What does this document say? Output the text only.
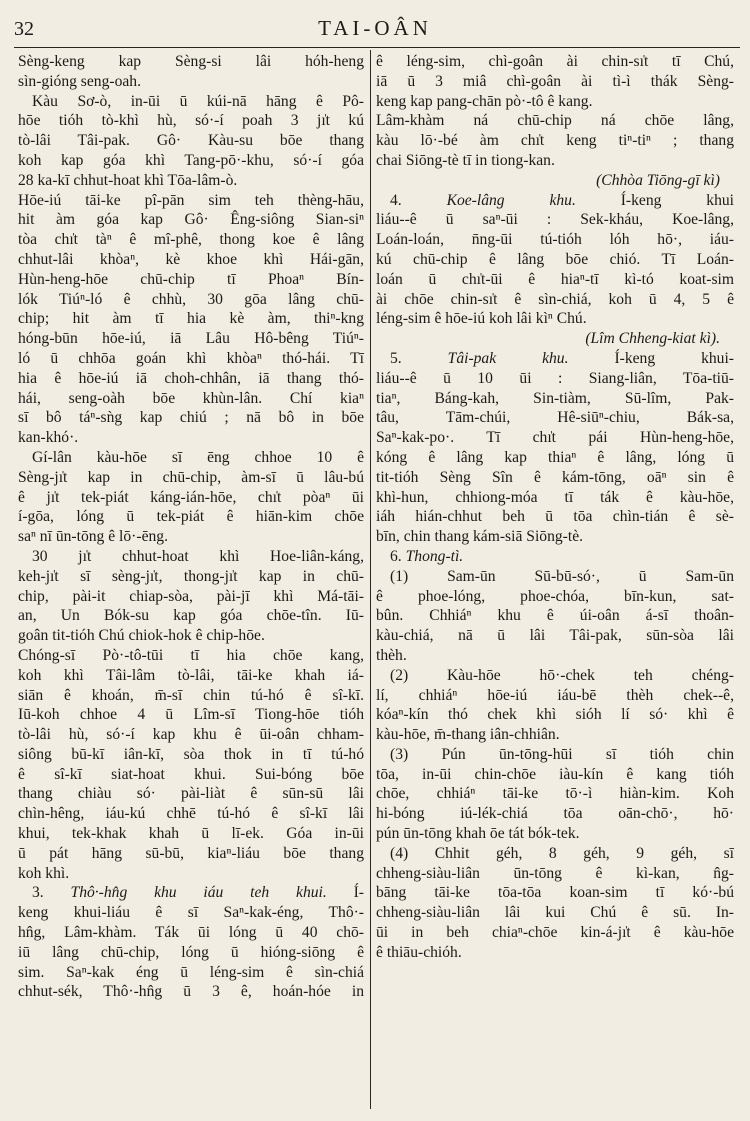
32	TAI-OÂN
Sèng-keng kap Sèng-si lâi hóh-heng
sìn-gióng seng-oah.
Kàu Sơ-ò, in-ūi ū kúi-nā hāng ê Pô-
hōe tióh tò-khì hù, só·-í poah 3 jı̍t kú
tò-lâi Tâi-pak. Gô· Kàu-su bōe thang
koh kap góa khì Tang-pō·-khu, só·-í góa
28 ka-kī chhut-hoat khì Tōa-lâm-ò.
Hōe-iú tāi-ke pî-pān sim teh thèng-hāu,
hit àm góa kap Gô· Êng-siông Sian-siⁿ
tòa chı̍t tàⁿ ê mî-phê, thong koe ê lâng
chhut-lâi khòaⁿ, kè khoe khì Hái-gān,
Hùn-heng-hōe chū-chip tī Phoaⁿ Bín-
lók Tiúⁿ-ló ê chhù, 30 gōa lâng chū-
chip; hit àm tī hia kè àm, thiⁿ-kng
hóng-būn hōe-iú, iā Lâu Hô-bêng Tiúⁿ-
ló ū chhōa goán khì khòaⁿ thó-hái. Tī
hia ê hōe-iú iā choh-chhân, iā thang thó-
hái, seng-oàh bōe khùn-lân. Chí kiaⁿ
sī bô táⁿ-sǹg kap chiú ; nā bô in bōe
kan-khó·.
Gí-lân kàu-hōe sī ēng chhoe 10 ê
Sèng-jı̍t kap in chū-chip, àm-sī ū lâu-bú
ê jı̍t tek-piát káng-ián-hōe, chı̍t pòaⁿ ūi
í-gōa, lóng ū tek-piát ê hiān-kim chōe
saⁿ nī ūn-tōng ê lō·-ēng.
30 jı̍t chhut-hoat khì Hoe-liân-káng,
keh-jı̍t sī sèng-jı̍t, thong-jı̍t kap in chū-
chip, pài-it chiap-sòa, pài-jī khì Má-tāi-
an, Un Bók-su kap góa chōe-tîn. Iū-
goân tit-tióh Chú chiok-hok ê chip-hōe.
Chóng-sī Pò·-tô-tūi tī hia chōe kang,
koh khì Tâi-lâm tò-lâi, tāi-ke khah iá-
siān ê khoán, m̄-sī chin tú-hó ê sî-kī.
Iū-koh chhoe 4 ū Lîm-sī Tiong-hōe tióh
tò-lâi hù, só·-í kap khu ê ūi-oân chham-
siông bū-kī iân-kī, sòa thok in tī tú-hó
ê sî-kī siat-hoat khui. Sui-bóng bōe
thang chiàu só· pài-liàt ê sūn-sū lâi
chìn-hêng, iáu-kú chhē tú-hó ê sî-kī lâi
khui, tek-khak khah ū lī-ek. Góa in-ūi
ū pát hāng sū-bū, kiaⁿ-liáu bōe thang
koh khì.
3. Thô·-hn̂g khu iáu teh khui. Í-
keng khui-liáu ê sī Saⁿ-kak-éng, Thô·-
hn̂g, Lâm-khàm. Ták ūi lóng ū 40 chō-
iū lâng chū-chip, lóng ū hióng-siōng ê
sim. Saⁿ-kak éng ū léng-sim ê sìn-chiá
chhut-sék, Thô·-hn̂g ū 3 ê, hoán-hóe in
ê léng-sim, chì-goân ài chin-sı̍t tī Chú,
iā ū 3 miâ chì-goân ài tì-ì thák Sèng-
keng kap pang-chān pò·-tô ê kang.
Lâm-khàm ná chū-chip ná chōe lâng,
kàu lō·-bé àm chı̍t keng tiⁿ-tiⁿ ; thang
chai Siōng-tè tī in tiong-kan.
(Chhòa Tiōng-gī kì)
4. Koe-lâng khu. Í-keng khui
liáu--ê ū saⁿ-ūi : Sek-kháu, Koe-lâng,
Loán-loán, n̄ng-ūi tú-tióh lóh hō·, iáu-
kú chū-chip ê lâng bōe chió. Tī Loán-
loán ū chı̍t-ūi ê hiaⁿ-tī kì-tó koat-sim
ài chōe chin-sı̍t ê sìn-chiá, koh ū 4, 5 ê
léng-sim ê hōe-iú koh lâi kìⁿ Chú.
(Lîm Chheng-kiat kì).
5. Tâi-pak khu. Í-keng khui-
liáu--ê ū 10 ūi : Siang-liân, Tōa-tiū-
tiaⁿ, Báng-kah, Sin-tiàm, Sū-lîm, Pak-
tâu, Tām-chúi, Hê-siūⁿ-chiu, Bák-sa,
Saⁿ-kak-po·. Tī chı̍t pái Hùn-heng-hōe,
kóng ê lâng kap thiaⁿ ê lâng, lóng ū
tit-tióh Sèng Sîn ê kám-tōng, oāⁿ sin ê
khì-hun, chhiong-móa tī ták ê kàu-hōe,
iáh hián-chhut beh ū tōa chìn-tián ê sè-
bīn, chin thang kám-siā Siōng-tè.
6. Thong-tì.
(1) Sam-ūn Sū-bū-só·, ū Sam-ūn
ê phoe-lóng, phoe-chóa, bīn-kun, sat-
bûn. Chhiáⁿ khu ê úi-oân á-sī thoân-
kàu-chiá, nā ū lâi Tâi-pak, sūn-sòa lâi
thèh.
(2) Kàu-hōe hō·-chek teh chéng-
lí, chhiáⁿ hōe-iú iáu-bē thèh chek--ê,
kóaⁿ-kín thó chek khì sióh lí só· khì ê
kàu-hōe, m̄-thang iân-chhiân.
(3) Pún ūn-tōng-hūi sī tióh chin
tōa, in-ūi chin-chōe iàu-kín ê kang tióh
chōe, chhiáⁿ tāi-ke tō·-ì hiàn-kim. Koh
hi-bóng iú-lék-chiá tōa oān-chō·, hō·
pún ūn-tōng khah ōe tát bók-tek.
(4) Chhit géh, 8 géh, 9 géh, sī
chheng-siàu-liân ūn-tōng ê kì-kan, n̂g-
bāng tāi-ke tōa-tōa koan-sim tī kó·-bú
chheng-siàu-liân lâi kui Chú ê sū. In-
ūi in beh chiaⁿ-chōe kin-á-jı̍t ê kàu-hōe
ê thiāu-chióh.
